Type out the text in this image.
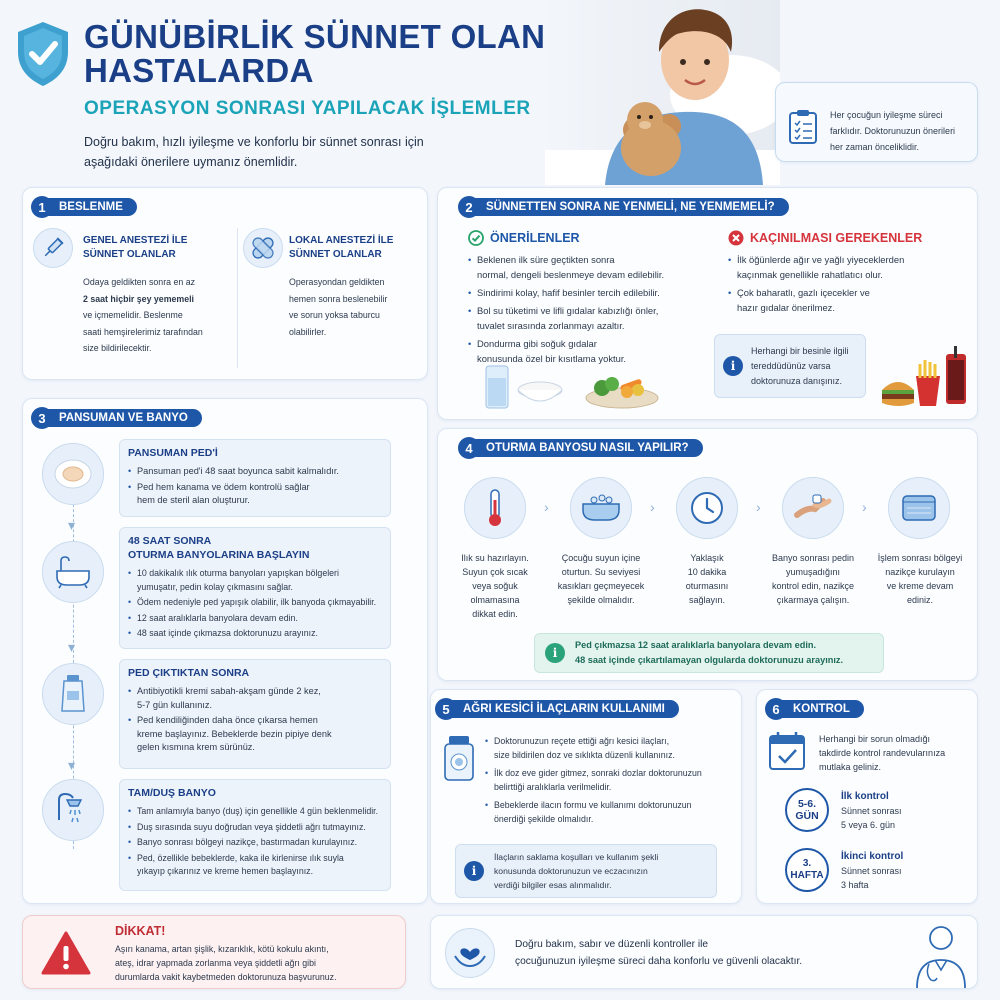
GÜNÜBİRLİK SÜNNET OLAN
HASTALARDA
OPERASYON SONRASI YAPILACAK İŞLEMLER
Doğru bakım, hızlı iyileşme ve konforlu bir sünnet sonrası için
aşağıdaki önerilere uymanız önemlidir.
Her çocuğun iyileşme süreci
farklıdır. Doktorunuzun önerileri
her zaman önceliklidir.
1	BESLENME
GENEL ANESTEZİ İLE
SÜNNET OLANLAR
Odaya geldikten sonra en az
2 saat hiçbir şey yememeli
ve içmemelidir. Beslenme
saati hemşirelerimiz tarafından
size bildirilecektir.
LOKAL ANESTEZİ İLE
SÜNNET OLANLAR
Operasyondan geldikten
hemen sonra beslenebilir
ve sorun yoksa taburcu
olabilirler.
2	SÜNNETTEN SONRA NE YENMELİ, NE YENMEMELİ?
ÖNERİLENLER
• Beklenen ilk süre geçtikten sonra
normal, dengeli beslenmeye devam edilebilir.
• Sindirimi kolay, hafif besinler tercih edilebilir.
• Bol su tüketimi ve lifli gıdalar kabızlığı önler,
tuvalet sırasında zorlanmayı azaltır.
• Dondurma gibi soğuk gıdalar
konusunda özel bir kısıtlama yoktur.
KAÇINILMASI GEREKENLER
• İlk öğünlerde ağır ve yağlı yiyeceklerden
kaçınmak genellikle rahatlatıcı olur.
• Çok baharatlı, gazlı içecekler ve
hazır gıdalar önerilmez.
i
Herhangi bir besinle ilgili
tereddüdünüz varsa
doktorunuza danışınız.
3	PANSUMAN VE BANYO
▾
▾
▾
PANSUMAN PED'İ
• Pansuman ped'i 48 saat boyunca sabit kalmalıdır.
• Ped hem kanama ve ödem kontrolü sağlar
hem de steril alan oluşturur.
48 SAAT SONRA
OTURMA BANYOLARINA BAŞLAYIN
• 10 dakikalık ılık oturma banyoları yapışkan bölgeleri
yumuşatır, pedin kolay çıkmasını sağlar.
• Ödem nedeniyle ped yapışık olabilir, ilk banyoda çıkmayabilir.
• 12 saat aralıklarla banyolara devam edin.
• 48 saat içinde çıkmazsa doktorunuzu arayınız.
PED ÇIKTIKTAN SONRA
• Antibiyotikli kremi sabah-akşam günde 2 kez,
5-7 gün kullanınız.
• Ped kendiliğinden daha önce çıkarsa hemen
kreme başlayınız. Bebeklerde bezin pipiye denk
gelen kısmına krem sürünüz.
TAM/DUŞ BANYO
• Tam anlamıyla banyo (duş) için genellikle 4 gün beklenmelidir.
• Duş sırasında suyu doğrudan veya şiddetli ağrı tutmayınız.
• Banyo sonrası bölgeyi nazikçe, bastırmadan kurulayınız.
• Ped, özellikle bebeklerde, kaka ile kirlenirse ılık suyla
yıkayıp çıkarınız ve kreme hemen başlayınız.
4	OTURMA BANYOSU NASIL YAPILIR?
›	›	›	›
Ilık su hazırlayın.
Suyun çok sıcak
veya soğuk
olmamasına
dikkat edin.
Çocuğu suyun içine
oturtun. Su seviyesi
kasıkları geçmeyecek
şekilde olmalıdır.
Yaklaşık
10 dakika
oturmasını
sağlayın.
Banyo sonrası pedin
yumuşadığını
kontrol edin, nazikçe
çıkarmaya çalışın.
İşlem sonrası bölgeyi
nazikçe kurulayın
ve kreme devam
ediniz.
i
Ped çıkmazsa 12 saat aralıklarla banyolara devam edin.
48 saat içinde çıkartılamayan olgularda doktorunuzu arayınız.
5	AĞRI KESİCİ İLAÇLARIN KULLANIMI
• Doktorunuzun reçete ettiği ağrı kesici ilaçları,
size bildirilen doz ve sıklıkta düzenli kullanınız.
• İlk doz eve gider gitmez, sonraki dozlar doktorunuzun
belirttiği aralıklarla verilmelidir.
• Bebeklerde ilacın formu ve kullanımı doktorunuzun
önerdiği şekilde olmalıdır.
i
İlaçların saklama koşulları ve kullanım şekli
konusunda doktorunuzun ve eczacınızın
verdiği bilgiler esas alınmalıdır.
6	KONTROL
Herhangi bir sorun olmadığı
takdirde kontrol randevularınıza
mutlaka geliniz.
5-6.
GÜN
İlk kontrol
Sünnet sonrası
5 veya 6. gün
3.
HAFTA
İkinci kontrol
Sünnet sonrası
3 hafta
DİKKAT!
Aşırı kanama, artan şişlik, kızarıklık, kötü kokulu akıntı,
ateş, idrar yapmada zorlanma veya şiddetli ağrı gibi
durumlarda vakit kaybetmeden doktorunuza başvurunuz.
Doğru bakım, sabır ve düzenli kontroller ile
çocuğunuzun iyileşme süreci daha konforlu ve güvenli olacaktır.
